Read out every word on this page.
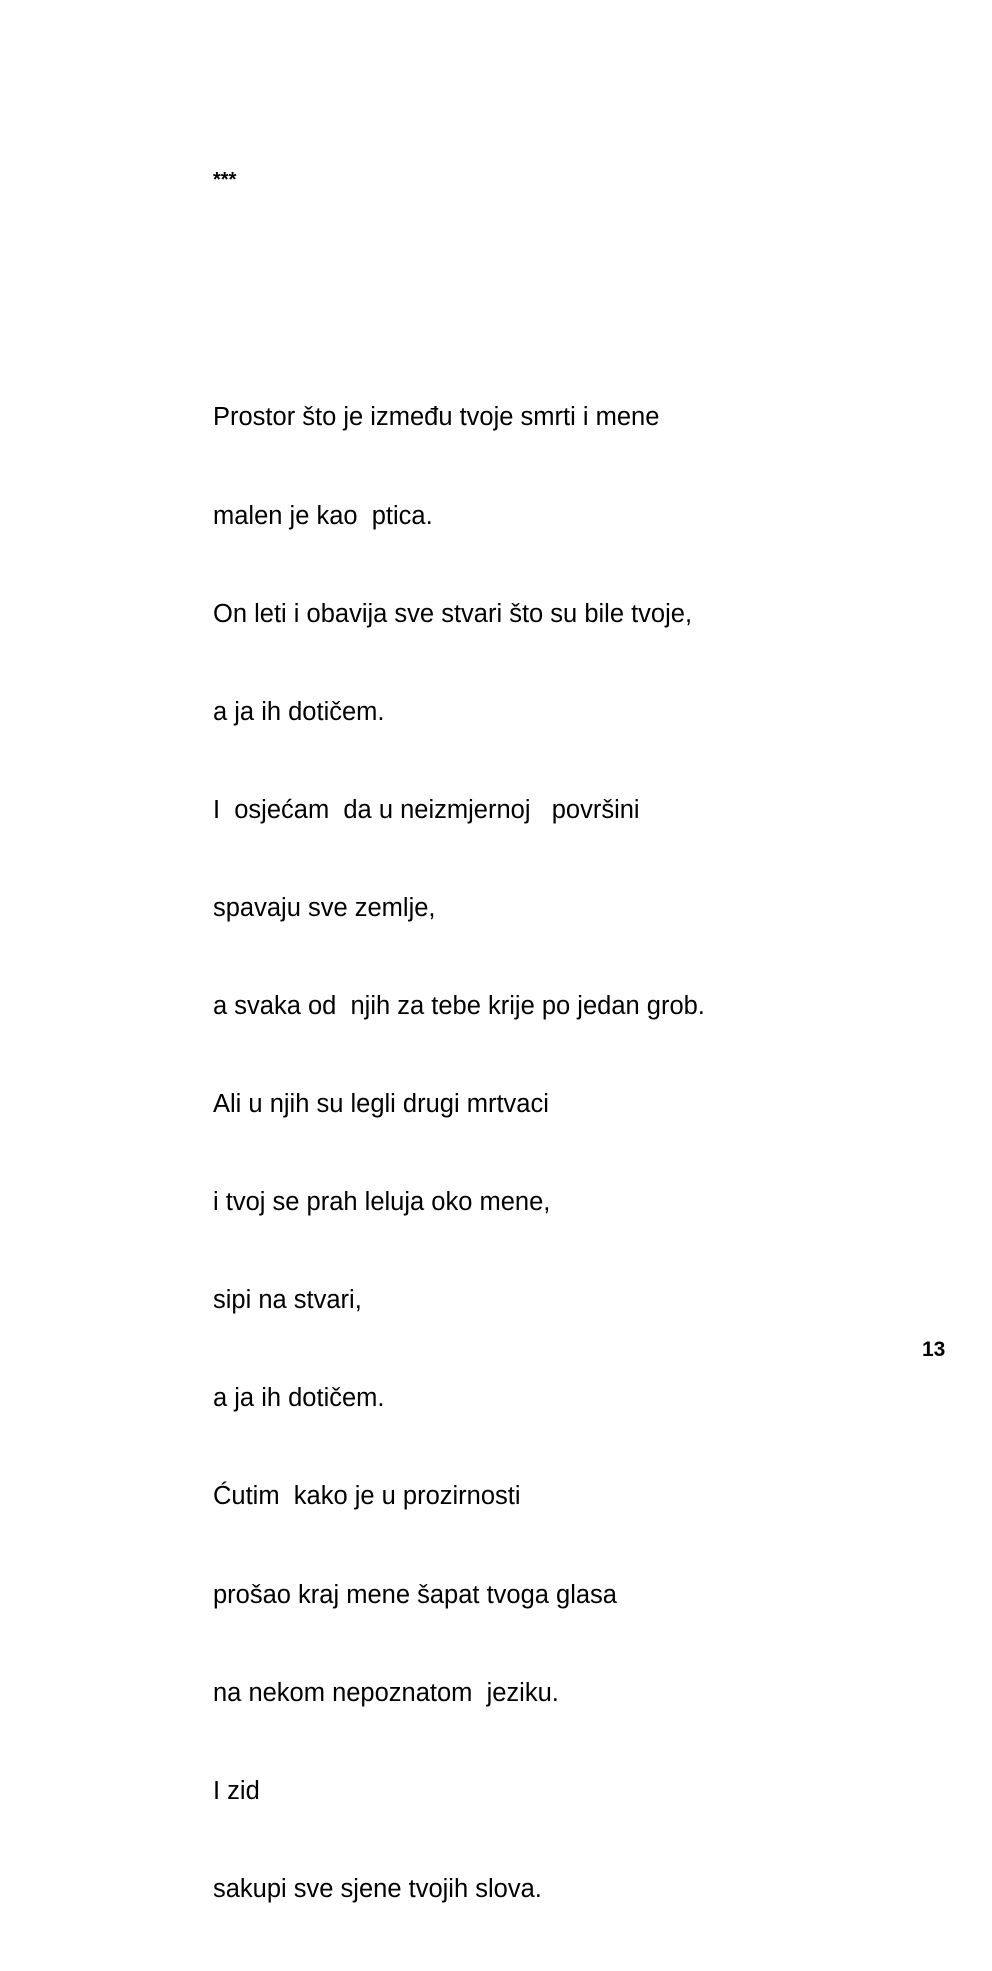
***

Prostor što je između tvoje smrti i mene

malen je kao  ptica.

On leti i obavija sve stvari što su bile tvoje,

a ja ih dotičem.

I  osjećam  da u neizmjernoj   površini

spavaju sve zemlje,

a svaka od  njih za tebe krije po jedan grob.

Ali u njih su legli drugi mrtvaci

i tvoj se prah leluja oko mene,

sipi na stvari,

a ja ih dotičem.

Ćutim  kako je u prozirnosti

prošao kraj mene šapat tvoga glasa

na nekom nepoznatom  jeziku.

I zid

sakupi sve sjene tvojih slova.

13
